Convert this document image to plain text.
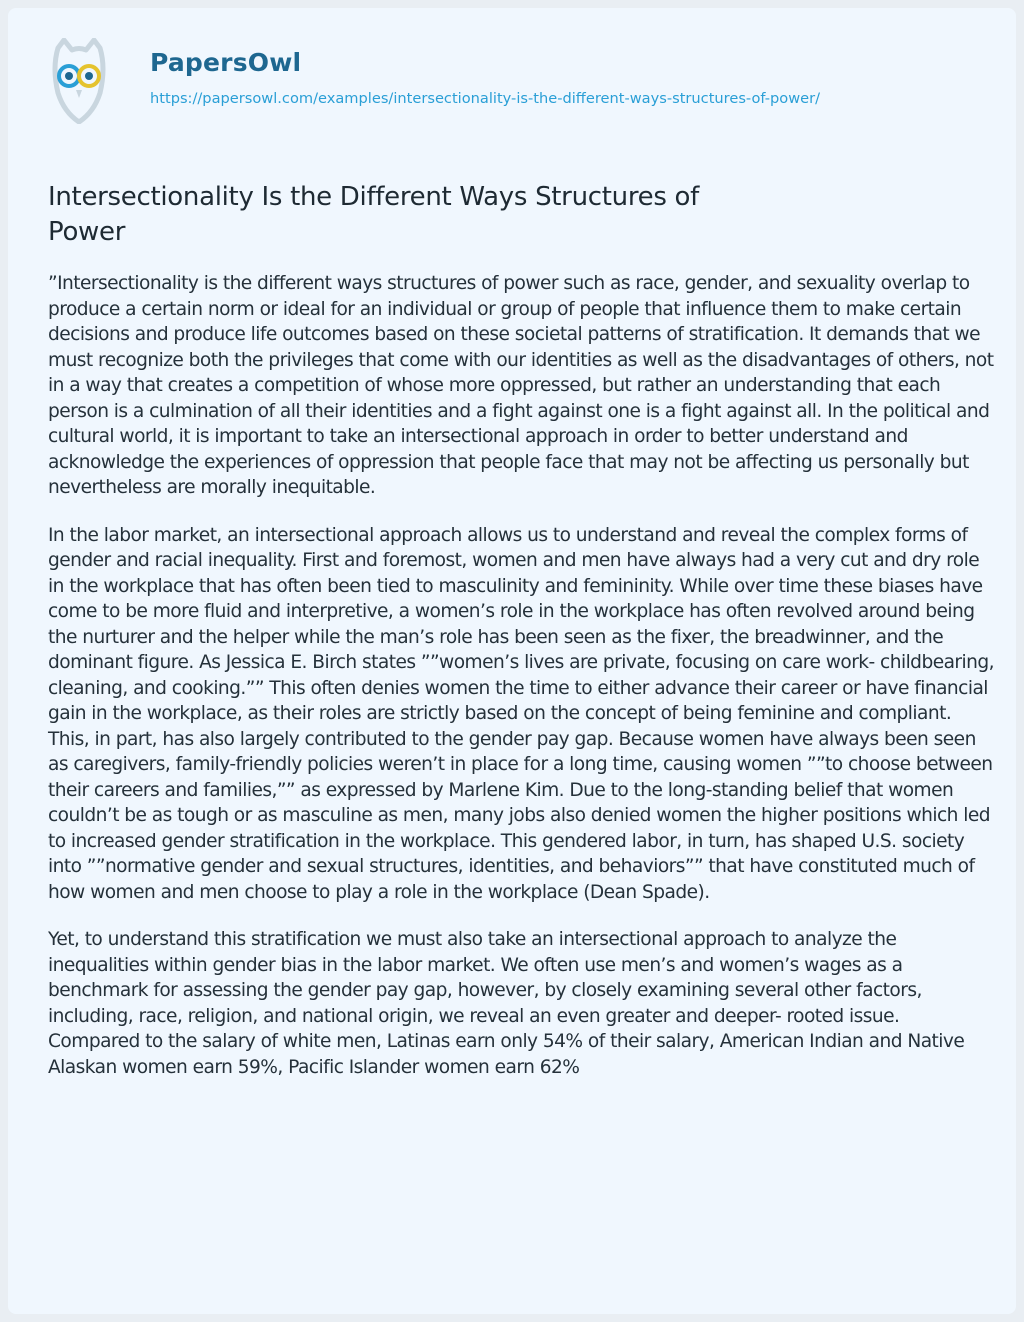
PapersOwl
https://papersowl.com/examples/intersectionality-is-the-different-ways-structures-of-power/
Intersectionality Is the Different Ways Structures of Power

”Intersectionality is the different ways structures of power such as race, gender, and sexuality overlap to produce a certain norm or ideal for an individual or group of people that influence them to make certain decisions and produce life outcomes based on these societal patterns of stratification. It demands that we must recognize both the privileges that come with our identities as well as the disadvantages of others, not in a way that creates a competition of whose more oppressed, but rather an understanding that each person is a culmination of all their identities and a fight against one is a fight against all. In the political and cultural world, it is important to take an intersectional approach in order to better understand and acknowledge the experiences of oppression that people face that may not be affecting us personally but nevertheless are morally inequitable.

In the labor market, an intersectional approach allows us to understand and reveal the complex forms of gender and racial inequality. First and foremost, women and men have always had a very cut and dry role in the workplace that has often been tied to masculinity and femininity. While over time these biases have come to be more fluid and interpretive, a women’s role in the workplace has often revolved around being the nurturer and the helper while the man’s role has been seen as the fixer, the breadwinner, and the dominant figure. As Jessica E. Birch states ””women’s lives are private, focusing on care work- childbearing, cleaning, and cooking.”” This often denies women the time to either advance their career or have financial gain in the workplace, as their roles are strictly based on the concept of being feminine and compliant. This, in part, has also largely contributed to the gender pay gap. Because women have always been seen as caregivers, family-friendly policies weren’t in place for a long time, causing women ””to choose between their careers and families,”” as expressed by Marlene Kim. Due to the long-standing belief that women couldn’t be as tough or as masculine as men, many jobs also denied women the higher positions which led to increased gender stratification in the workplace. This gendered labor, in turn, has shaped U.S. society into ””normative gender and sexual structures, identities, and behaviors”” that have constituted much of how women and men choose to play a role in the workplace (Dean Spade).

Yet, to understand this stratification we must also take an intersectional approach to analyze the inequalities within gender bias in the labor market. We often use men’s and women’s wages as a benchmark for assessing the gender pay gap, however, by closely examining several other factors, including, race, religion, and national origin, we reveal an even greater and deeper- rooted issue. Compared to the salary of white men, Latinas earn only 54% of their salary, American Indian and Native Alaskan women earn 59%, Pacific Islander women earn 62%
